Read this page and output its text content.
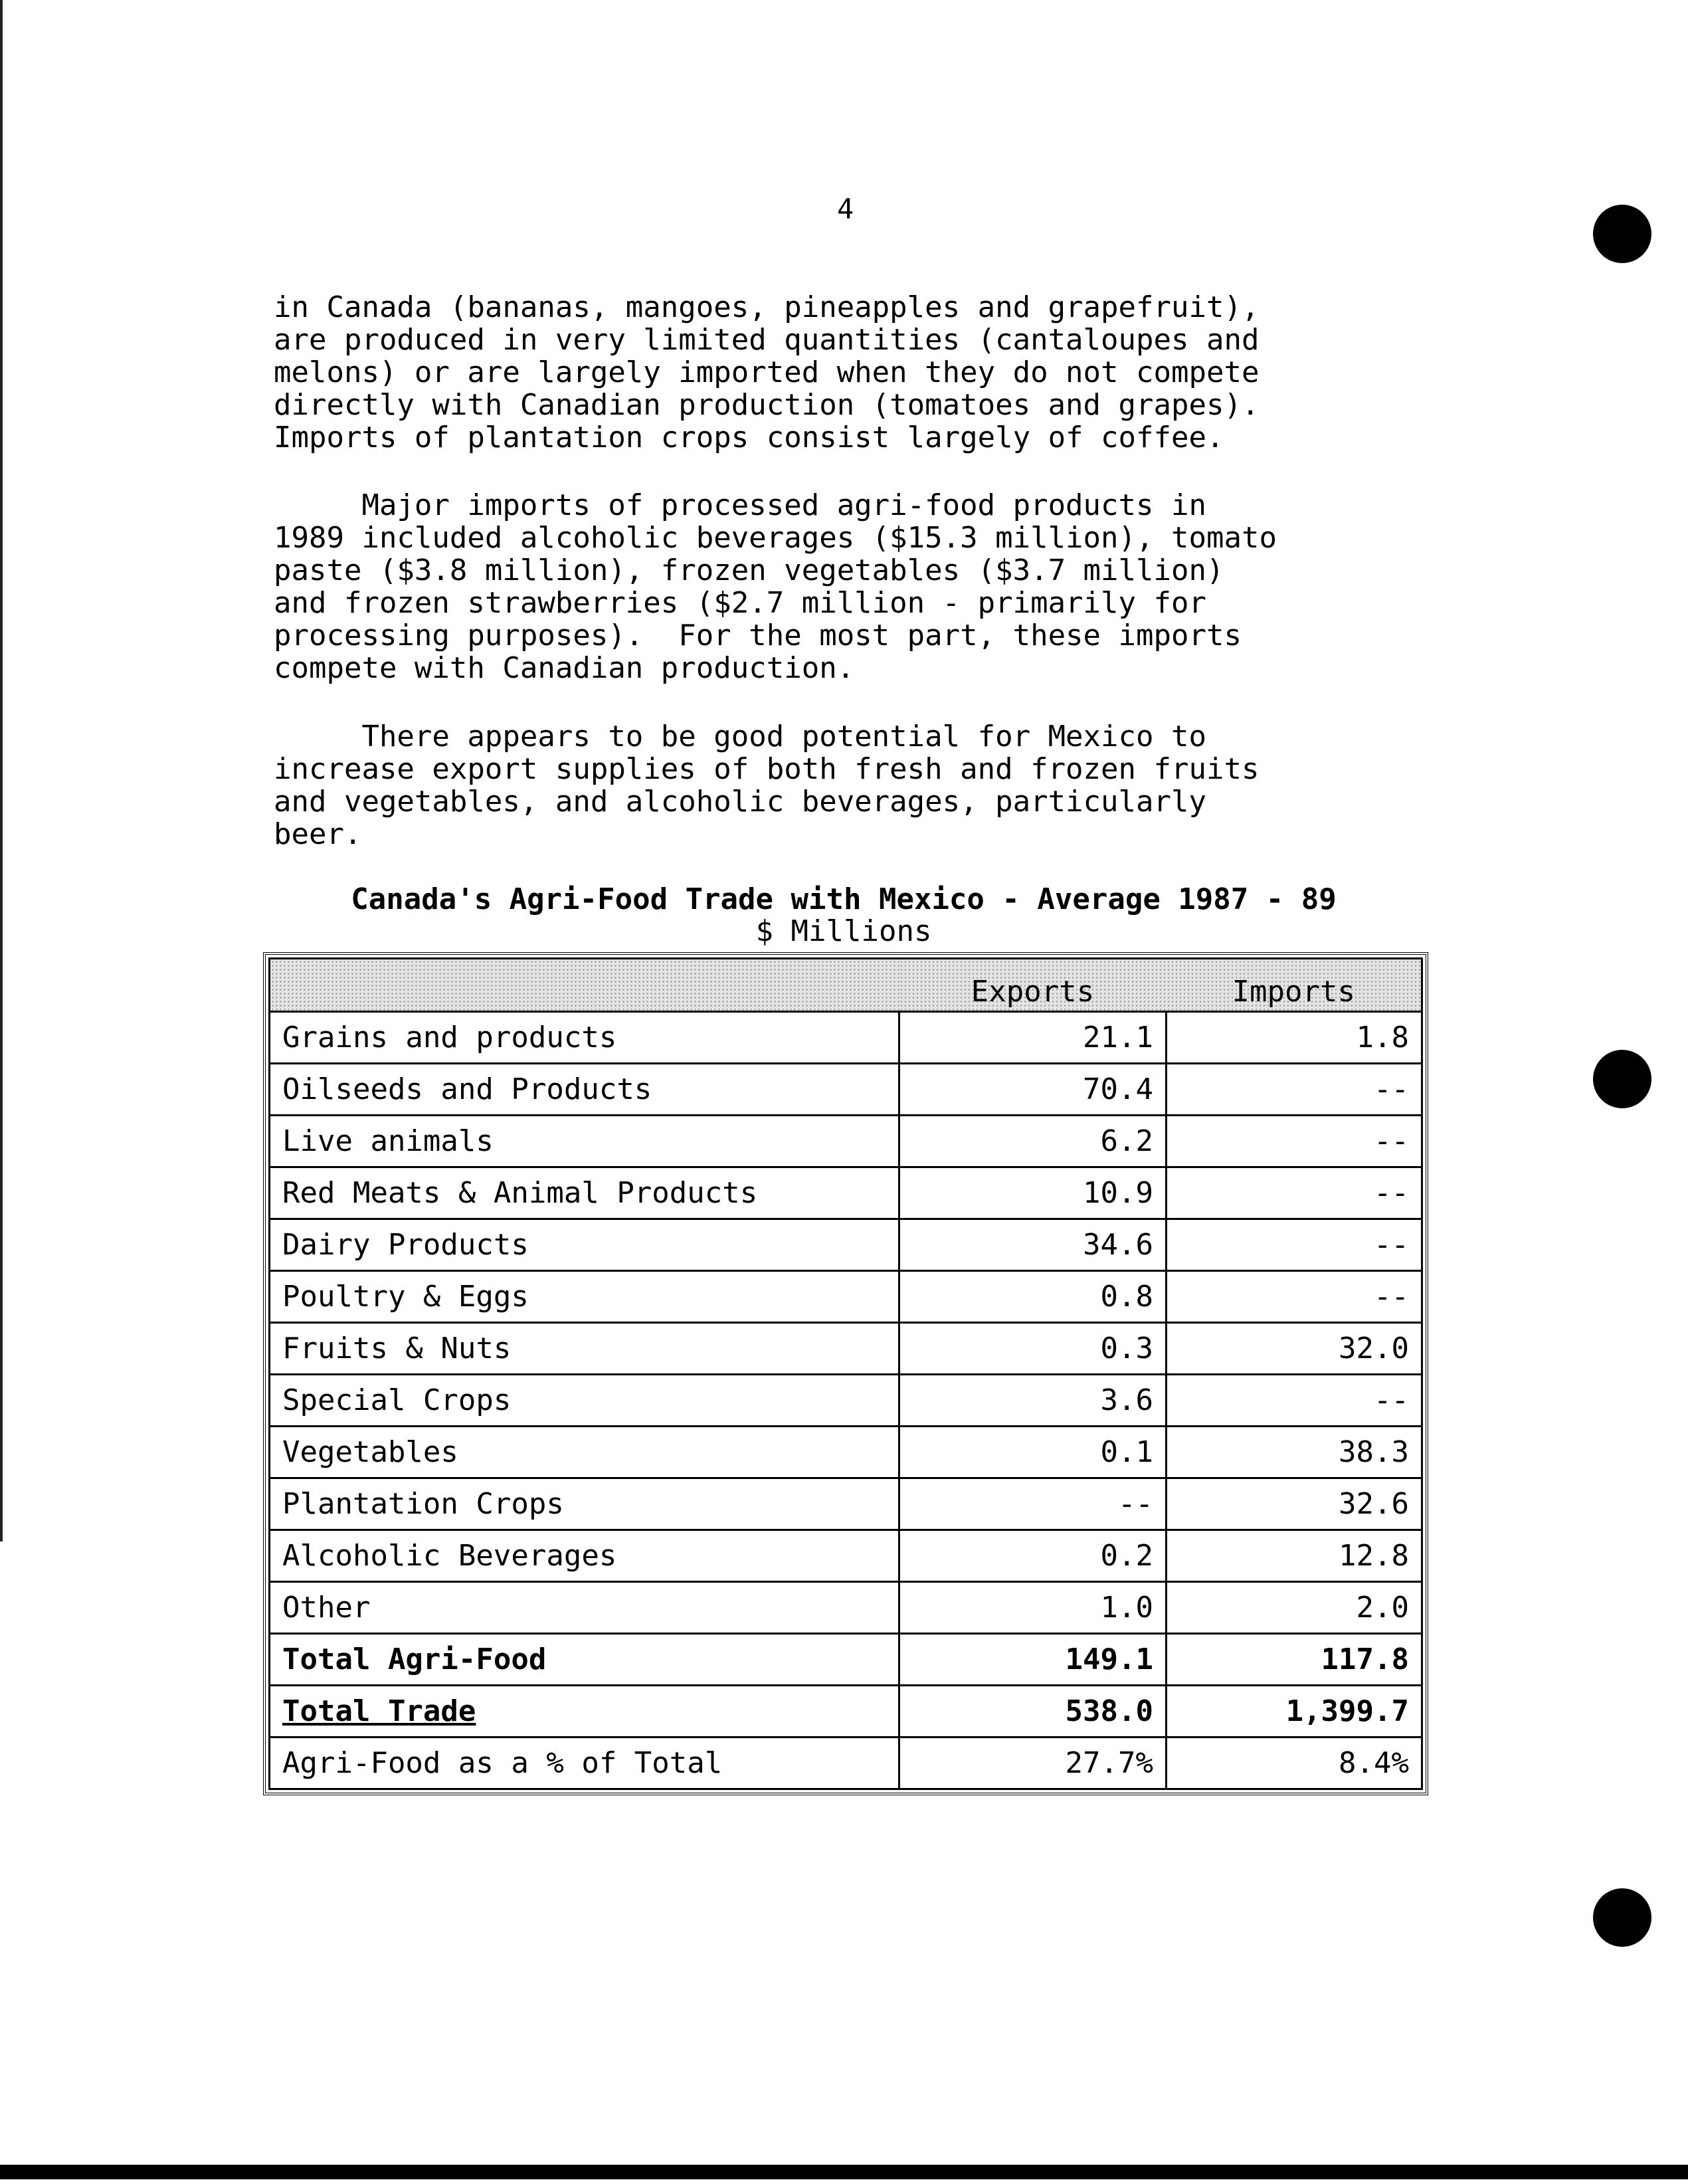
4

in Canada (bananas, mangoes, pineapples and grapefruit),
are produced in very limited quantities (cantaloupes and
melons) or are largely imported when they do not compete
directly with Canadian production (tomatoes and grapes).
Imports of plantation crops consist largely of coffee.

Major imports of processed agri-food products in
1989 included alcoholic beverages ($15.3 million), tomato
paste ($3.8 million), frozen vegetables ($3.7 million)
and frozen strawberries ($2.7 million - primarily for
processing purposes).  For the most part, these imports
compete with Canadian production.

There appears to be good potential for Mexico to
increase export supplies of both fresh and frozen fruits
and vegetables, and alcoholic beverages, particularly
beer.

Canada's Agri-Food Trade with Mexico - Average 1987 - 89
$ Millions
	Exports	Imports
Grains and products	21.1	1.8
Oilseeds and Products	70.4	--
Live animals	6.2	--
Red Meats & Animal Products	10.9	--
Dairy Products	34.6	--
Poultry & Eggs	0.8	--
Fruits & Nuts	0.3	32.0
Special Crops	3.6	--
Vegetables	0.1	38.3
Plantation Crops	--	32.6
Alcoholic Beverages	0.2	12.8
Other	1.0	2.0
Total Agri-Food	149.1	117.8
Total Trade	538.0	1,399.7
Agri-Food as a % of Total	27.7%	8.4%
